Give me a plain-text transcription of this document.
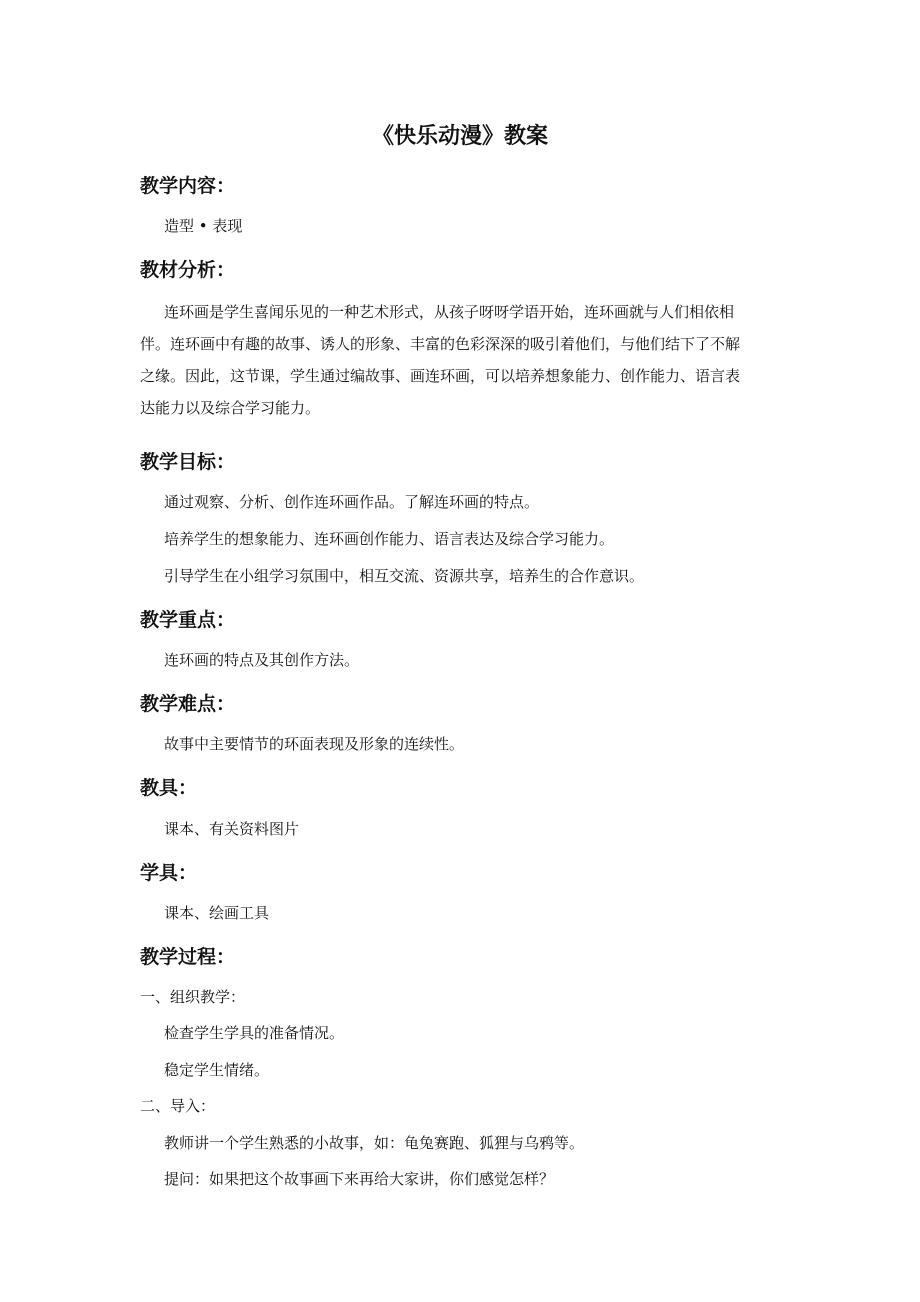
《快乐动漫》教案
教学内容：
造型 • 表现
教材分析：
连环画是学生喜闻乐见的一种艺术形式，从孩子呀呀学语开始，连环画就与人们相依相
伴。连环画中有趣的故事、诱人的形象、丰富的色彩深深的吸引着他们，与他们结下了不解
之缘。因此，这节课，学生通过编故事、画连环画，可以培养想象能力、创作能力、语言表
达能力以及综合学习能力。
教学目标：
通过观察、分析、创作连环画作品。了解连环画的特点。
培养学生的想象能力、连环画创作能力、语言表达及综合学习能力。
引导学生在小组学习氛围中，相互交流、资源共享，培养生的合作意识。
教学重点：
连环画的特点及其创作方法。
教学难点：
故事中主要情节的环面表现及形象的连续性。
教具：
课本、有关资料图片
学具：
课本、绘画工具
教学过程：
一、组织教学：
检查学生学具的准备情况。
稳定学生情绪。
二、导入：
教师讲一个学生熟悉的小故事，如：龟兔赛跑、狐狸与乌鸦等。
提问：如果把这个故事画下来再给大家讲，你们感觉怎样？
